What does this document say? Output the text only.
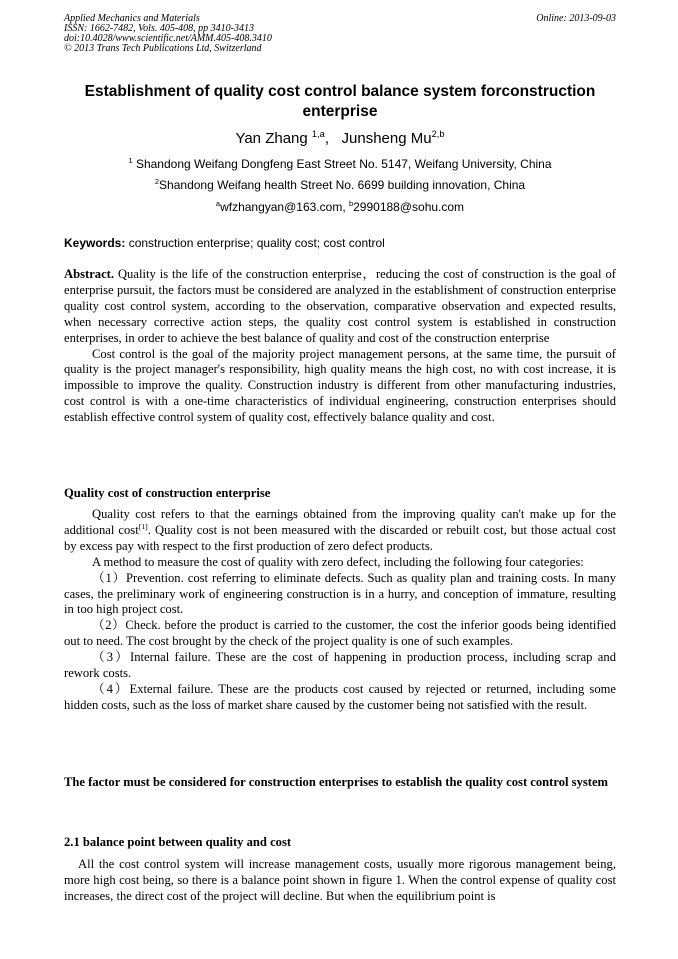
Applied Mechanics and Materials
ISSN: 1662-7482, Vols. 405-408, pp 3410-3413
doi:10.4028/www.scientific.net/AMM.405-408.3410
© 2013 Trans Tech Publications Ltd, Switzerland
Online: 2013-09-03
Establishment of quality cost control balance system forconstruction enterprise
Yan Zhang $^{1,a}$, Junsheng Mu$^{2,b}$
$^1$ Shandong Weifang Dongfeng East Street No. 5147, Weifang University, China
$^2$Shandong Weifang health Street No. 6699 building innovation, China
$^a$wfzhangyan@163.com, $^b$2990188@sohu.com
Keywords: construction enterprise; quality cost; cost control

Abstract. Quality is the life of the construction enterprise，reducing the cost of construction is the goal of enterprise pursuit, the factors must be considered are analyzed in the establishment of construction enterprise quality cost control system, according to the observation, comparative observation and expected results, when necessary corrective action steps, the quality cost control system is established in construction enterprises, in order to achieve the best balance of quality and cost of the construction enterprise

Cost control is the goal of the majority project management persons, at the same time, the pursuit of quality is the project manager's responsibility, high quality means the high cost, no with cost increase, it is impossible to improve the quality. Construction industry is different from other manufacturing industries, cost control is with a one-time characteristics of individual engineering, construction enterprises should establish effective control system of quality cost, effectively balance quality and cost.

Quality cost of construction enterprise

Quality cost refers to that the earnings obtained from the improving quality can't make up for the additional cost[1]. Quality cost is not been measured with the discarded or rebuilt cost, but those actual cost by excess pay with respect to the first production of zero defect products.

A method to measure the cost of quality with zero defect, including the following four categories:

（1）Prevention. cost referring to eliminate defects. Such as quality plan and training costs. In many cases, the preliminary work of engineering construction is in a hurry, and conception of immature, resulting in too high project cost.

（2）Check. before the product is carried to the customer, the cost the inferior goods being identified out to need. The cost brought by the check of the project quality is one of such examples.

（3）Internal failure. These are the cost of happening in production process, including scrap and rework costs.

（4）External failure. These are the products cost caused by rejected or returned, including some hidden costs, such as the loss of market share caused by the customer being not satisfied with the result.

The factor must be considered for construction enterprises to establish the quality cost control system
2.1 balance point between quality and cost

All the cost control system will increase management costs, usually more rigorous management being, more high cost being, so there is a balance point shown in figure 1. When the control expense of quality cost increases, the direct cost of the project will decline. But when the equilibrium point is
